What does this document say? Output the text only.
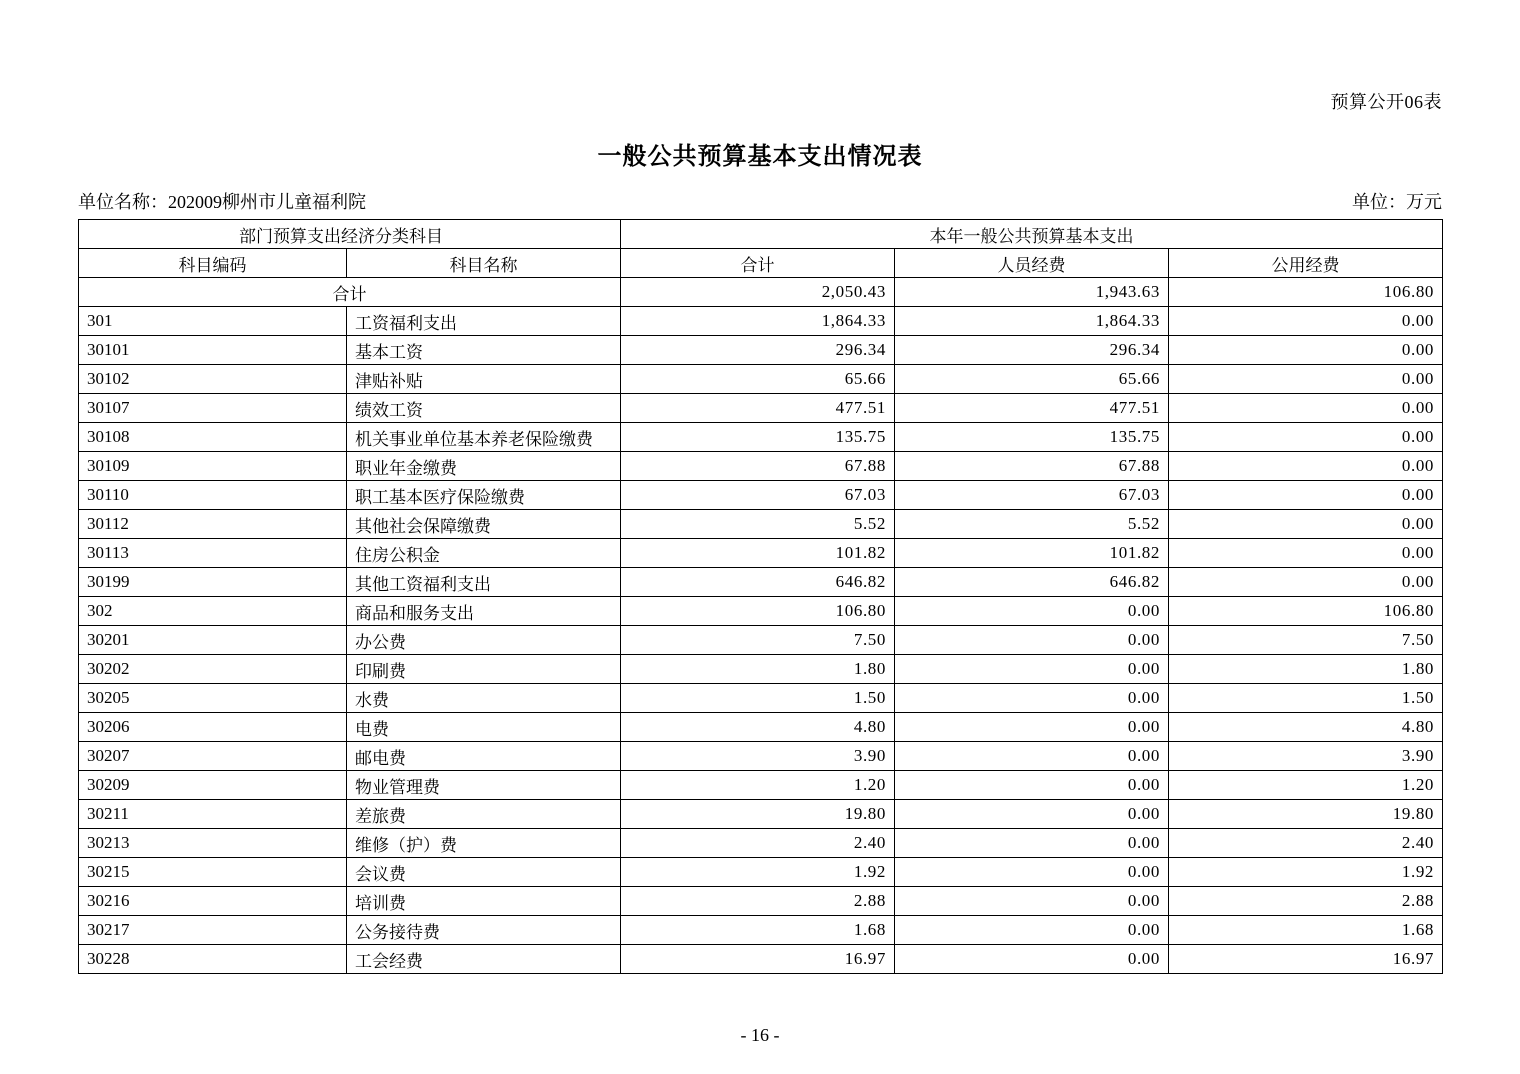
预算公开06表
一般公共预算基本支出情况表
单位名称：202009柳州市儿童福利院	单位：万元
部门预算支出经济分类科目		本年一般公共预算基本支出		
科目编码	科目名称	合计	人员经费	公用经费
合计		2,050.43	1,943.63	106.80
301	工资福利支出	1,864.33	1,864.33	0.00
30101	基本工资	296.34	296.34	0.00
30102	津贴补贴	65.66	65.66	0.00
30107	绩效工资	477.51	477.51	0.00
30108	机关事业单位基本养老保险缴费	135.75	135.75	0.00
30109	职业年金缴费	67.88	67.88	0.00
30110	职工基本医疗保险缴费	67.03	67.03	0.00
30112	其他社会保障缴费	5.52	5.52	0.00
30113	住房公积金	101.82	101.82	0.00
30199	其他工资福利支出	646.82	646.82	0.00
302	商品和服务支出	106.80	0.00	106.80
30201	办公费	7.50	0.00	7.50
30202	印刷费	1.80	0.00	1.80
30205	水费	1.50	0.00	1.50
30206	电费	4.80	0.00	4.80
30207	邮电费	3.90	0.00	3.90
30209	物业管理费	1.20	0.00	1.20
30211	差旅费	19.80	0.00	19.80
30213	维修（护）费	2.40	0.00	2.40
30215	会议费	1.92	0.00	1.92
30216	培训费	2.88	0.00	2.88
30217	公务接待费	1.68	0.00	1.68
30228	工会经费	16.97	0.00	16.97
- 16 -
